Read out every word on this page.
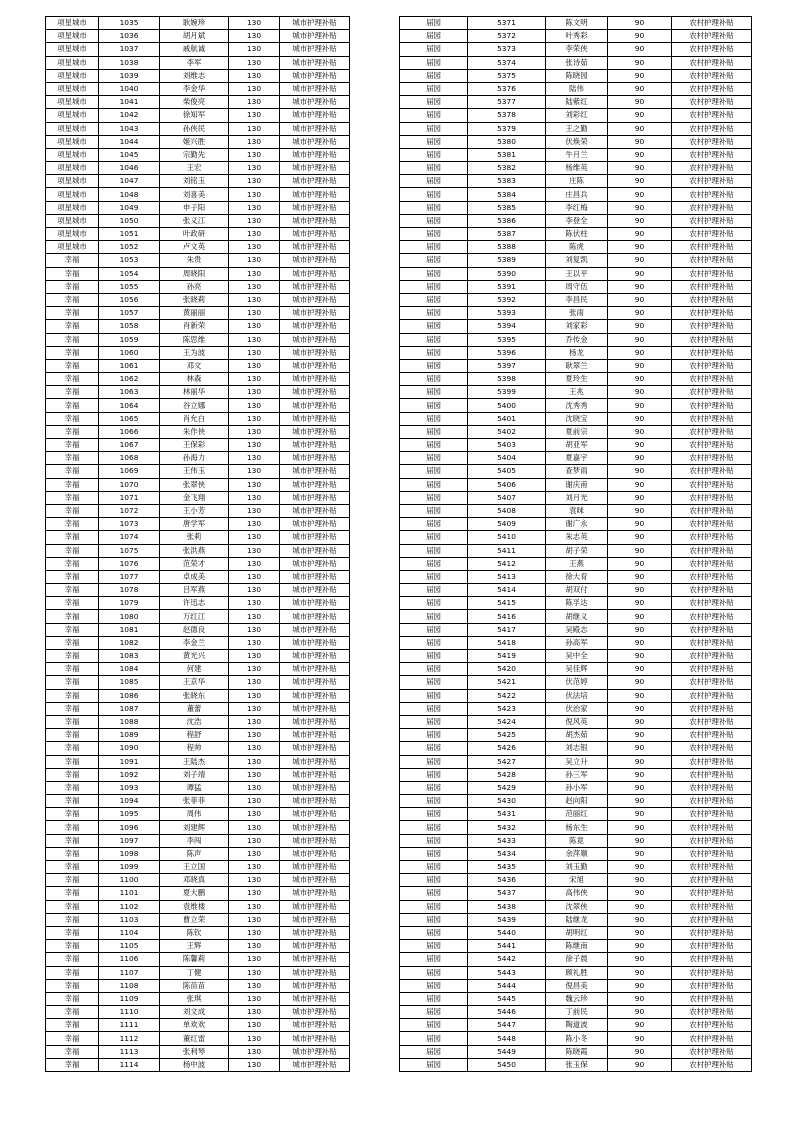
项星城市	1035	耿婉珍	130	城市护理补贴
项星城市	1036	胡月斌	130	城市护理补贴
项星城市	1037	戚航诚	130	城市护理补贴
项星城市	1038	李军	130	城市护理补贴
项星城市	1039	刘维志	130	城市护理补贴
项星城市	1040	李金华	130	城市护理补贴
项星城市	1041	柴俊亮	130	城市护理补贴
项星城市	1042	徐知军	130	城市护理补贴
项星城市	1043	孙侠民	130	城市护理补贴
项星城市	1044	姬兴胜	130	城市护理补贴
项星城市	1045	宗勤先	130	城市护理补贴
项星城市	1046	王宏	130	城市护理补贴
项星城市	1047	刘铭玉	130	城市护理补贴
项星城市	1048	刘喜美	130	城市护理补贴
项星城市	1049	申子阳	130	城市护理补贴
项星城市	1050	张义江	130	城市护理补贴
项星城市	1051	叶政研	130	城市护理补贴
项星城市	1052	卢文英	130	城市护理补贴
幸福	1053	朱贵	130	城市护理补贴
幸福	1054	周晓阳	130	城市护理补贴
幸福	1055	孙亮	130	城市护理补贴
幸福	1056	张晓莉	130	城市护理补贴
幸福	1057	黄丽丽	130	城市护理补贴
幸福	1058	肖新荣	130	城市护理补贴
幸福	1059	陈思维	130	城市护理补贴
幸福	1060	王为波	130	城市护理补贴
幸福	1061	邓文	130	城市护理补贴
幸福	1062	林森	130	城市护理补贴
幸福	1063	林丽华	130	城市护理补贴
幸福	1064	谷立娜	130	城市护理补贴
幸福	1065	肖允白	130	城市护理补贴
幸福	1066	朱作侠	130	城市护理补贴
幸福	1067	王保彩	130	城市护理补贴
幸福	1068	孙海力	130	城市护理补贴
幸福	1069	王伟玉	130	城市护理补贴
幸福	1070	张翠侠	130	城市护理补贴
幸福	1071	金飞翔	130	城市护理补贴
幸福	1072	王小芳	130	城市护理补贴
幸福	1073	唐学军	130	城市护理补贴
幸福	1074	张莉	130	城市护理补贴
幸福	1075	张洪燕	130	城市护理补贴
幸福	1076	范荣才	130	城市护理补贴
幸福	1077	卓成美	130	城市护理补贴
幸福	1078	吕军燕	130	城市护理补贴
幸福	1079	许迅志	130	城市护理补贴
幸福	1080	万红江	130	城市护理补贴
幸福	1081	赵德良	130	城市护理补贴
幸福	1082	李金兰	130	城市护理补贴
幸福	1083	黄光兴	130	城市护理补贴
幸福	1084	何建	130	城市护理补贴
幸福	1085	王京华	130	城市护理补贴
幸福	1086	张晓东	130	城市护理补贴
幸福	1087	董蕾	130	城市护理补贴
幸福	1088	沈浩	130	城市护理补贴
幸福	1089	程舒	130	城市护理补贴
幸福	1090	程帅	130	城市护理补贴
幸福	1091	王陆杰	130	城市护理补贴
幸福	1092	刘子靖	130	城市护理补贴
幸福	1093	谭猛	130	城市护理补贴
幸福	1094	张菲菲	130	城市护理补贴
幸福	1095	周伟	130	城市护理补贴
幸福	1096	刘建辉	130	城市护理补贴
幸福	1097	李闯	130	城市护理补贴
幸福	1098	陈声	130	城市护理补贴
幸福	1099	王立国	130	城市护理补贴
幸福	1100	邓晓真	130	城市护理补贴
幸福	1101	夏大鹏	130	城市护理补贴
幸福	1102	袁维楼	130	城市护理补贴
幸福	1103	曹立荣	130	城市护理补贴
幸福	1104	陈钦	130	城市护理补贴
幸福	1105	王辉	130	城市护理补贴
幸福	1106	陈馨莉	130	城市护理补贴
幸福	1107	丁健	130	城市护理补贴
幸福	1108	陈苗苗	130	城市护理补贴
幸福	1109	张琪	130	城市护理补贴
幸福	1110	刘文成	130	城市护理补贴
幸福	1111	单欢欢	130	城市护理补贴
幸福	1112	董红雷	130	城市护理补贴
幸福	1113	张利琴	130	城市护理补贴
幸福	1114	杨中波	130	城市护理补贴
届园	5371	陈文明	90	农村护理补贴
届园	5372	叶秀彩	90	农村护理补贴
届园	5373	李荣侠	90	农村护理补贴
届园	5374	张诗茹	90	农村护理补贴
届园	5375	陈晓园	90	农村护理补贴
届园	5376	陆伟	90	农村护理补贴
届园	5377	陆紫红	90	农村护理补贴
届园	5378	刘彩红	90	农村护理补贴
届园	5379	王之勤	90	农村护理补贴
届园	5380	伏焕荣	90	农村护理补贴
届园	5381	牛月兰	90	农村护理补贴
届园	5382	杨维英	90	农村护理补贴
届园	5383	庄陈	90	农村护理补贴
届园	5384	庄昌兵	90	农村护理补贴
届园	5385	李红梅	90	农村护理补贴
届园	5386	李登全	90	农村护理补贴
届园	5387	陈伏柱	90	农村护理补贴
届园	5388	陈虎	90	农村护理补贴
届园	5389	刘复凯	90	农村护理补贴
届园	5390	王以平	90	农村护理补贴
届园	5391	周守伍	90	农村护理补贴
届园	5392	李昌民	90	农村护理补贴
届园	5393	张雨	90	农村护理补贴
届园	5394	刘家彩	90	农村护理补贴
届园	5395	乔传金	90	农村护理补贴
届园	5396	杨龙	90	农村护理补贴
届园	5397	耿翠兰	90	农村护理补贴
届园	5398	夏玲生	90	农村护理补贴
届园	5399	王兆	90	农村护理补贴
届园	5400	沈秀秀	90	农村护理补贴
届园	5401	沈晓宝	90	农村护理补贴
届园	5402	夏前宗	90	农村护理补贴
届园	5403	胡亚军	90	农村护理补贴
届园	5404	夏嘉宇	90	农村护理补贴
届园	5405	查梦雨	90	农村护理补贴
届园	5406	谢庆甫	90	农村护理补贴
届园	5407	刘月光	90	农村护理补贴
届园	5408	袁咪	90	农村护理补贴
届园	5409	谢广永	90	农村护理补贴
届园	5410	朱志英	90	农村护理补贴
届园	5411	胡子荣	90	农村护理补贴
届园	5412	王燕	90	农村护理补贴
届园	5413	徐大育	90	农村护理补贴
届园	5414	胡双付	90	农村护理补贴
届园	5415	陈孚达	90	农村护理补贴
届园	5416	胡继义	90	农村护理补贴
届园	5417	吴殿志	90	农村护理补贴
届园	5418	孙高军	90	农村护理补贴
届园	5419	吴中全	90	农村护理补贴
届园	5420	吴佳辉	90	农村护理补贴
届园	5421	伏范婷	90	农村护理补贴
届园	5422	伏法培	90	农村护理补贴
届园	5423	伏治家	90	农村护理补贴
届园	5424	倪风英	90	农村护理补贴
届园	5425	胡杰茹	90	农村护理补贴
届园	5426	刘志银	90	农村护理补贴
届园	5427	吴立升	90	农村护理补贴
届园	5428	孙三军	90	农村护理补贴
届园	5429	孙小军	90	农村护理补贴
届园	5430	赵向阳	90	农村护理补贴
届园	5431	范丽红	90	农村护理补贴
届园	5432	杨东生	90	农村护理补贴
届园	5433	陈竟	90	农村护理补贴
届园	5434	余萍顺	90	农村护理补贴
届园	5435	刘玉勤	90	农村护理补贴
届园	5436	宋旭	90	农村护理补贴
届园	5437	高伟侠	90	农村护理补贴
届园	5438	沈翠侠	90	农村护理补贴
届园	5439	陆继龙	90	农村护理补贴
届园	5440	胡明红	90	农村护理补贴
届园	5441	陈继南	90	农村护理补贴
届园	5442	徐子晨	90	农村护理补贴
届园	5443	顾礼胜	90	农村护理补贴
届园	5444	倪昌美	90	农村护理补贴
届园	5445	魏云珍	90	农村护理补贴
届园	5446	丁前民	90	农村护理补贴
届园	5447	陶道波	90	农村护理补贴
届园	5448	陈小冬	90	农村护理补贴
届园	5449	陈晓霞	90	农村护理补贴
届园	5450	张玉保	90	农村护理补贴
